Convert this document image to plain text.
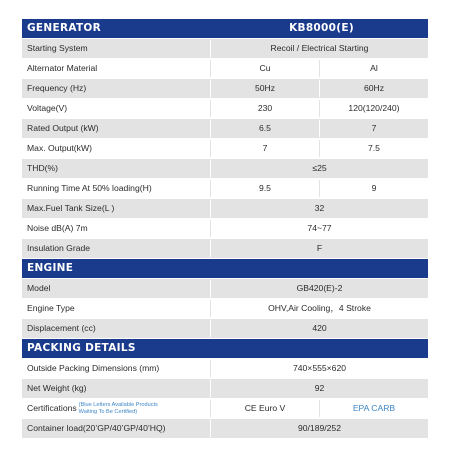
GENERATOR	KB8000(E)
Starting System	Recoil / Electrical Starting
Alternator Material	Cu	Al
Frequency (Hz)	50Hz	60Hz
Voltage(V)	230	120(120/240)
Rated Output (kW)	6.5	7
Max. Output(kW)	7	7.5
THD(%)	≤25
Running Time At 50% loading(H)	9.5	9
Max.Fuel Tank Size(L )	32
Noise dB(A) 7m	74~77
Insulation Grade	F
ENGINE
Model	GB420(E)-2
Engine Type	OHV,Air Cooling，4 Stroke
Displacement (cc)	420
PACKING DETAILS
Outside Packing Dimensions (mm)	740×555×620
Net Weight (kg)	92
Certifications (Blue Letters Available Products Waiting To Be Certified)	CE Euro V	EPA CARB
Container load(20’GP/40’GP/40’HQ)	90/189/252
